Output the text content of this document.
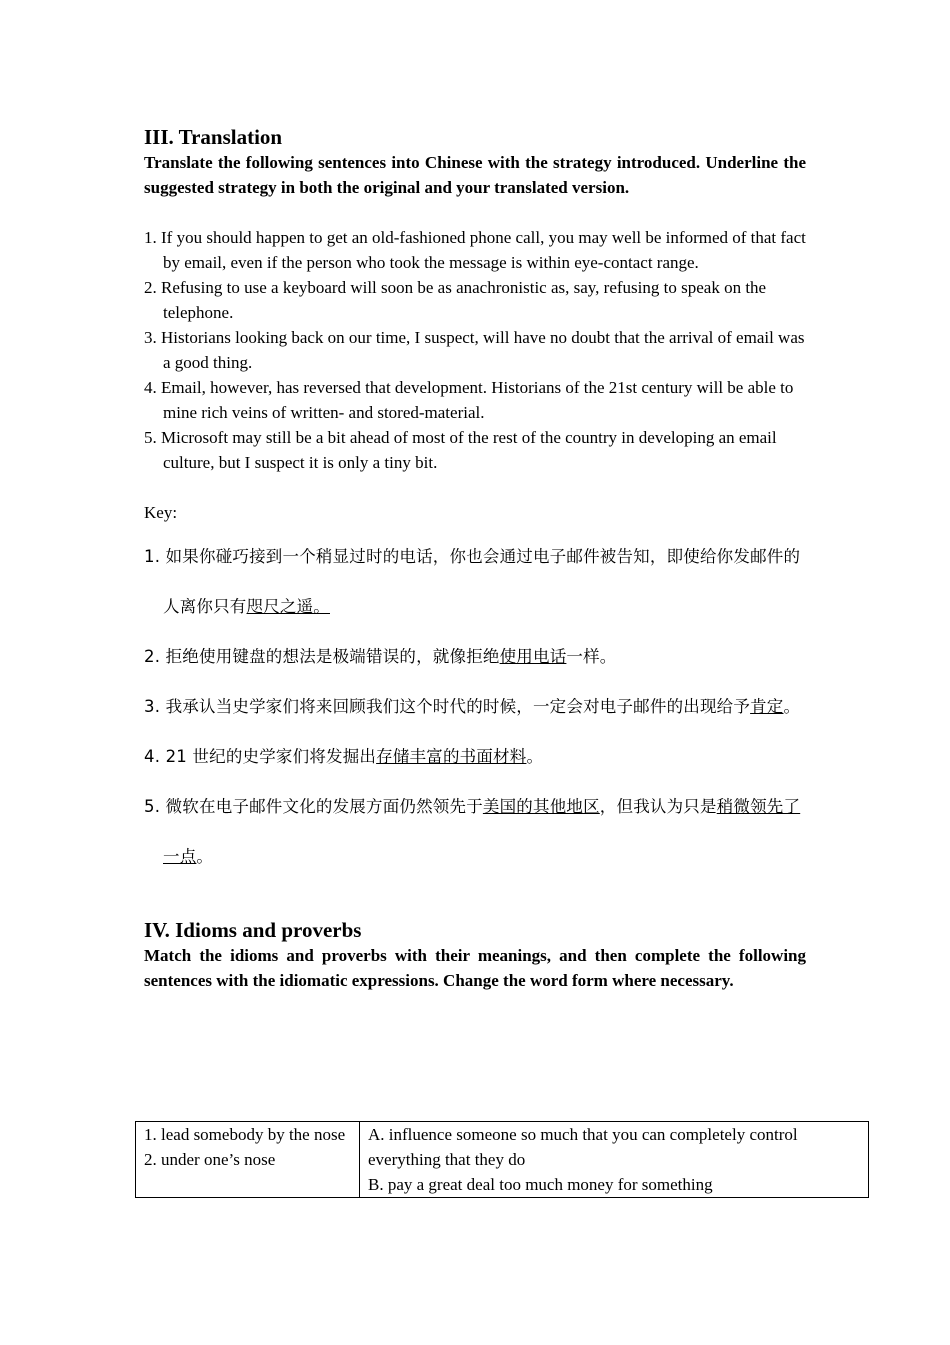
III. Translation

Translate the following sentences into Chinese with the strategy introduced. Underline the suggested strategy in both the original and your translated version.

1. If you should happen to get an old-fashioned phone call, you may well be informed of that fact by email, even if the person who took the message is within eye-contact range.
2. Refusing to use a keyboard will soon be as anachronistic as, say, refusing to speak on the telephone.
3. Historians looking back on our time, I suspect, will have no doubt that the arrival of email was a good thing.
4. Email, however, has reversed that development. Historians of the 21st century will be able to mine rich veins of written- and stored-material.
5. Microsoft may still be a bit ahead of most of the rest of the country in developing an email culture, but I suspect it is only a tiny bit.
Key:
1. 如果你碰巧接到一个稍显过时的电话，你也会通过电子邮件被告知，即使给你发邮件的人离你只有咫尺之遥。
2. 拒绝使用键盘的想法是极端错误的，就像拒绝使用电话一样。
3. 我承认当史学家们将来回顾我们这个时代的时候，一定会对电子邮件的出现给予肯定。
4. 21 世纪的史学家们将发掘出存储丰富的书面材料。
5. 微软在电子邮件文化的发展方面仍然领先于美国的其他地区，但我认为只是稍微领先了一点。
IV. Idioms and proverbs

Match the idioms and proverbs with their meanings, and then complete the following sentences with the idiomatic expressions. Change the word form where necessary.

1. lead somebody by the nose
2. under one’s nose

A. influence someone so much that you can completely control everything that they do
B. pay a great deal too much money for something
